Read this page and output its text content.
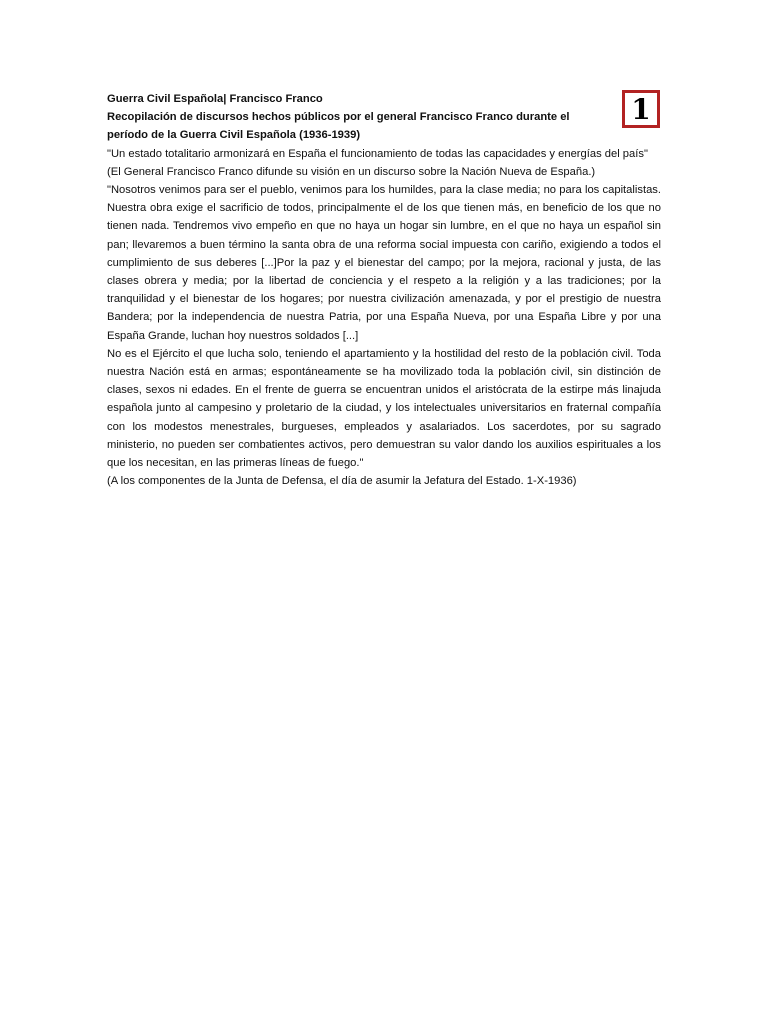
1
Guerra Civil Española| Francisco Franco
Recopilación de discursos hechos públicos por el general Francisco Franco durante el período de la Guerra Civil Española (1936-1939)

"Un estado totalitario armonizará en España el funcionamiento de todas las capacidades y energías del país"(El General Francisco Franco difunde su visión en un discurso sobre la Nación Nueva de España.)

"Nosotros venimos para ser el pueblo, venimos para los humildes, para la clase media; no para los capitalistas. Nuestra obra exige el sacrificio de todos, principalmente el de los que tienen más, en beneficio de los que no tienen nada. Tendremos vivo empeño en que no haya un hogar sin lumbre, en el que no haya un español sin pan; llevaremos a buen término la santa obra de una reforma social impuesta con cariño, exigiendo a todos el cumplimiento de sus deberes [...]Por la paz y el bienestar del campo; por la mejora, racional y justa, de las clases obrera y media; por la libertad de conciencia y el respeto a la religión y a las tradiciones; por la tranquilidad y el bienestar de los hogares; por nuestra civilización amenazada, y por el prestigio de nuestra Bandera; por la independencia de nuestra Patria, por una España Nueva, por una España Libre y por una España Grande, luchan hoy nuestros soldados [...]

No es el Ejército el que lucha solo, teniendo el apartamiento y la hostilidad del resto de la población civil. Toda nuestra Nación está en armas; espontáneamente se ha movilizado toda la población civil, sin distinción de clases, sexos ni edades. En el frente de guerra se encuentran unidos el aristócrata de la estirpe más linajuda española junto al campesino y proletario de la ciudad, y los intelectuales universitarios en fraternal compañía con los modestos menestrales, burgueses, empleados y asalariados. Los sacerdotes, por su sagrado ministerio, no pueden ser combatientes activos, pero demuestran su valor dando los auxilios espirituales a los que los necesitan, en las primeras líneas de fuego."

(A los componentes de la Junta de Defensa, el día de asumir la Jefatura del Estado. 1-X-1936)
